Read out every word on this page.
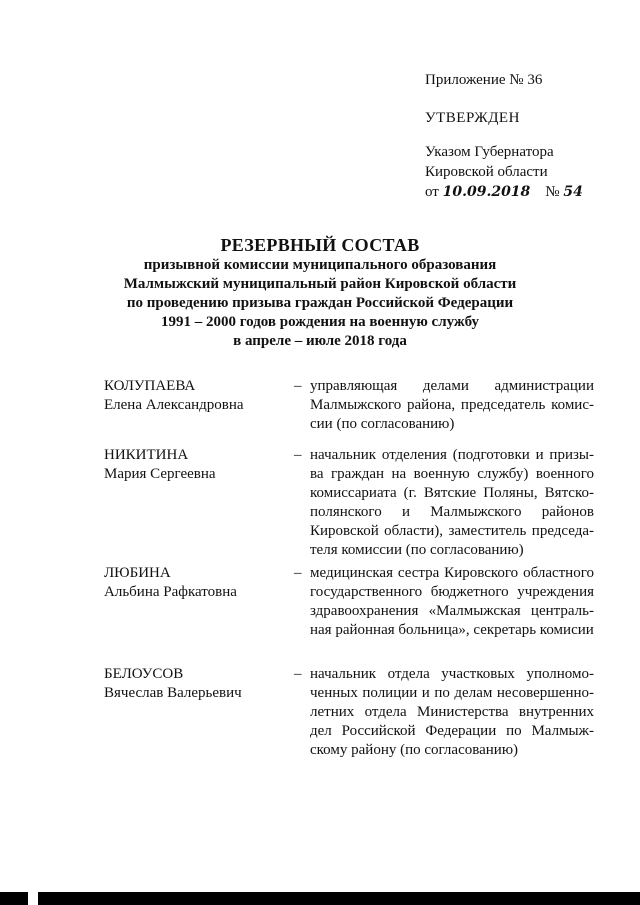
Приложение № 36

УТВЕРЖДЕН

Указом Губернатора

Кировской области

от 10.09.2018 № 54

РЕЗЕРВНЫЙ СОСТАВ

призывной комиссии муниципального образования

Малмыжский муниципальный район Кировской области

по проведению призыва граждан Российской Федерации

1991 – 2000 годов рождения на военную службу

в апреле – июле 2018 года

КОЛУПАЕВА
Елена Александровна
– управляющая делами администрации
Малмыжского района, председатель комис-
сии (по согласованию)
НИКИТИНА
Мария Сергеевна
– начальник отделения (подготовки и призы-
ва граждан на военную службу) военного
комиссариата (г. Вятские Поляны, Вятско-
полянского и Малмыжского районов
Кировской области), заместитель председа-
теля комиссии (по согласованию)
ЛЮБИНА
Альбина Рафкатовна
– медицинская сестра Кировского областного
государственного бюджетного учреждения
здравоохранения «Малмыжская централь-
ная районная больница», секретарь комисии
БЕЛОУСОВ
Вячеслав Валерьевич
– начальник отдела участковых уполномо-
ченных полиции и по делам несовершенно-
летних отдела Министерства внутренних
дел Российской Федерации по Малмыж-
скому району (по согласованию)
